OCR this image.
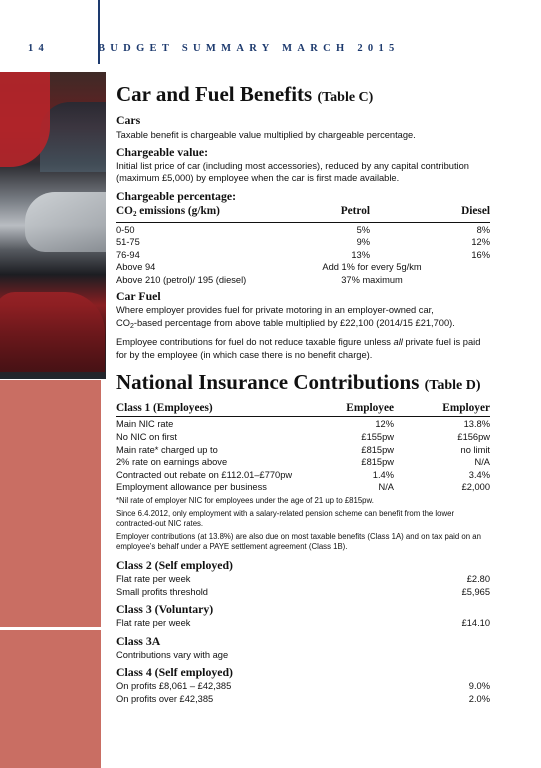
14	BUDGET SUMMARY MARCH 2015
Car and Fuel Benefits (Table C)
Cars

Taxable benefit is chargeable value multiplied by chargeable percentage.

Chargeable value:

Initial list price of car (including most accessories), reduced by any capital contribution (maximum £5,000) by employee when the car is first made available.

Chargeable percentage:
$CO_2$ emissions (g/km)	Petrol	Diesel
0-50	5%	8%
51-75	9%	12%
76-94	13%	16%
Above 94	Add 1% for every 5g/km
Above 210 (petrol)/ 195 (diesel)	37% maximum
Car Fuel

Where employer provides fuel for private motoring in an employer-owned car,
$CO_2$-based percentage from above table multiplied by £22,100 (2014/15 £21,700).

Employee contributions for fuel do not reduce taxable figure unless all private fuel is paid for by the employee (in which case there is no benefit charge).

National Insurance Contributions (Table D)
Class 1 (Employees)	Employee	Employer
Main NIC rate	12%	13.8%
No NIC on first	£155pw	£156pw
Main rate* charged up to	£815pw	no limit
2% rate on earnings above	£815pw	N/A
Contracted out rebate on £112.01–£770pw	1.4%	3.4%
Employment allowance per business	N/A	£2,000

*Nil rate of employer NIC for employees under the age of 21 up to £815pw.

Since 6.4.2012, only employment with a salary-related pension scheme can benefit from the lower contracted-out NIC rates.

Employer contributions (at 13.8%) are also due on most taxable benefits (Class 1A) and on tax paid on an employee’s behalf under a PAYE settlement agreement (Class 1B).

Class 2 (Self employed)
Flat rate per week	£2.80
Small profits threshold	£5,965
Class 3 (Voluntary)
Flat rate per week	£14.10
Class 3A
Contributions vary with age
Class 4 (Self employed)
On profits £8,061 – £42,385	9.0%
On profits over £42,385	2.0%
